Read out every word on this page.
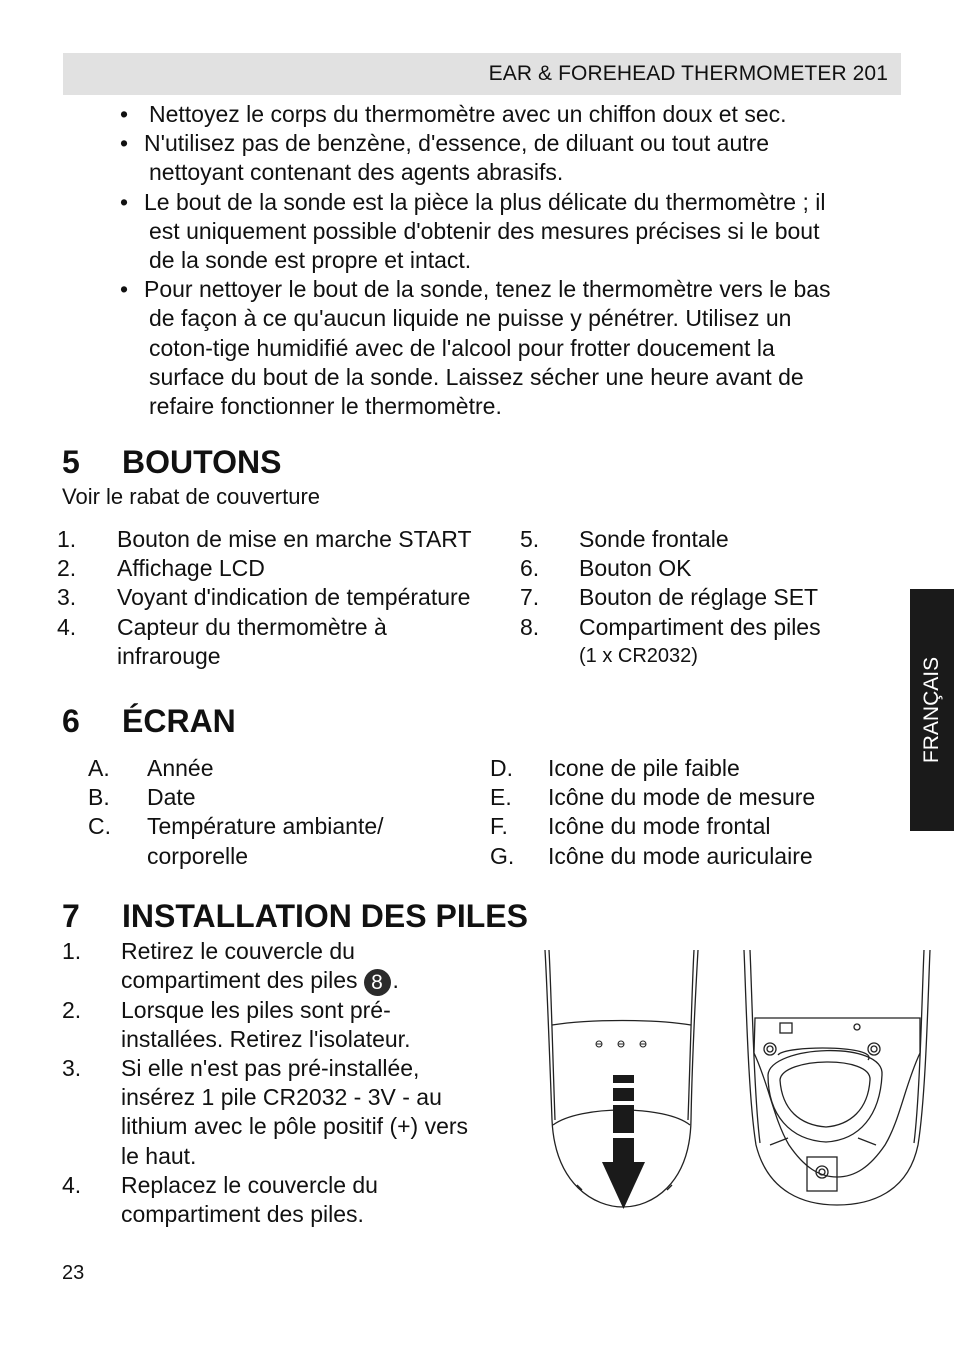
EAR & FOREHEAD THERMOMETER 201
• Nettoyez le corps du thermomètre avec un chiffon doux et sec.
• N'utilisez pas de benzène, d'essence, de diluant ou tout autre
nettoyant contenant des agents abrasifs.
• Le bout de la sonde est la pièce la plus délicate du thermomètre ; il
est uniquement possible d'obtenir des mesures précises si le bout
de la sonde est propre et intact.
• Pour nettoyer le bout de la sonde, tenez le thermomètre vers le bas
de façon à ce qu'aucun liquide ne puisse y pénétrer. Utilisez un
coton-tige humidifié avec de l'alcool pour frotter doucement la
surface du bout de la sonde. Laissez sécher une heure avant de
refaire fonctionner le thermomètre.
5 BOUTONS
Voir le rabat de couverture
1. Bouton de mise en marche START
2. Affichage LCD
3. Voyant d'indication de température
4. Capteur du thermomètre à
infrarouge
5. Sonde frontale
6. Bouton OK
7. Bouton de réglage SET
8. Compartiment des piles
(1 x CR2032)
6 ÉCRAN
A. Année
B. Date
C. Température ambiante/
corporelle
D. Icone de pile faible
E. Icône du mode de mesure
F. Icône du mode frontal
G. Icône du mode auriculaire
7 INSTALLATION DES PILES
1. Retirez le couvercle du
compartiment des piles 8 .
2. Lorsque les piles sont pré-
installées. Retirez l'isolateur.
3. Si elle n'est pas pré-installée,
insérez 1 pile CR2032 - 3V - au
lithium avec le pôle positif (+) vers
le haut.
4. Replacez le couvercle du
compartiment des piles.
FRANÇAIS
23
